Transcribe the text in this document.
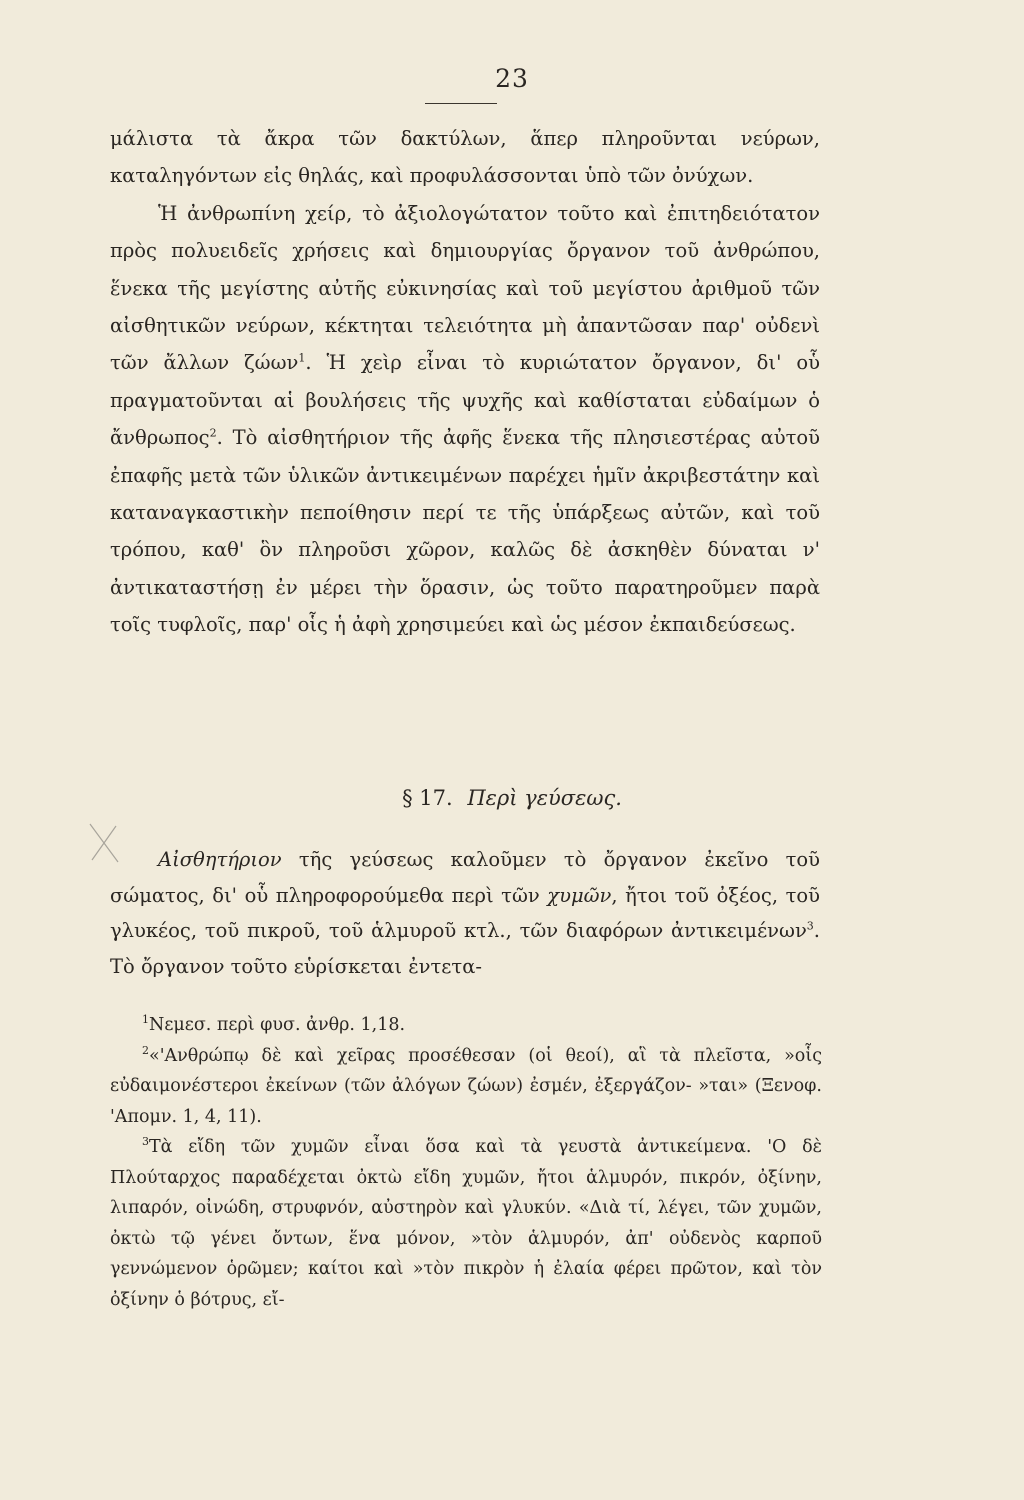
23

μάλιστα τὰ ἄκρα τῶν δακτύλων, ἅπερ πληροῦνται νεύρων, καταληγόντων εἰς θηλάς, καὶ προφυλάσσονται ὑπὸ τῶν ὀνύχων.

Ἡ ἀνθρωπίνη χείρ, τὸ ἀξιολογώτατον τοῦτο καὶ ἐπιτηδειότατον πρὸς πολυειδεῖς χρήσεις καὶ δημιουργίας ὄργανον τοῦ ἀνθρώπου, ἕνεκα τῆς μεγίστης αὐτῆς εὐκινησίας καὶ τοῦ μεγίστου ἀριθμοῦ τῶν αἰσθητικῶν νεύρων, κέκτηται τελειότητα μὴ ἀπαντῶσαν παρ' οὐδενὶ τῶν ἄλλων ζώων$^1$. Ἡ χεὶρ εἶναι τὸ κυριώτατον ὄργανον, δι' οὗ πραγματοῦνται αἱ βουλήσεις τῆς ψυχῆς καὶ καθίσταται εὐδαίμων ὁ ἄνθρωπος$^2$. Τὸ αἰσθητήριον τῆς ἀφῆς ἕνεκα τῆς πλησιεστέρας αὐτοῦ ἐπαφῆς μετὰ τῶν ὑλικῶν ἀντικειμένων παρέχει ἡμῖν ἀκριβεστάτην καὶ καταναγκαστικὴν πεποίθησιν περί τε τῆς ὑπάρξεως αὐτῶν, καὶ τοῦ τρόπου, καθ' ὃν πληροῦσι χῶρον, καλῶς δὲ ἀσκηθὲν δύναται ν' ἀντικαταστήσῃ ἐν μέρει τὴν ὅρασιν, ὡς τοῦτο παρατηροῦμεν παρὰ τοῖς τυφλοῖς, παρ' οἷς ἡ ἀφὴ χρησιμεύει καὶ ὡς μέσον ἐκπαιδεύσεως.

§ 17. Περὶ γεύσεως.

Αἰσθητήριον τῆς γεύσεως καλοῦμεν τὸ ὄργανον ἐκεῖνο τοῦ σώματος, δι' οὗ πληροφορούμεθα περὶ τῶν χυμῶν, ἤτοι τοῦ ὀξέος, τοῦ γλυκέος, τοῦ πικροῦ, τοῦ ἁλμυροῦ κτλ., τῶν διαφόρων ἀντικειμένων$^3$. Τὸ ὄργανον τοῦτο εὑρίσκεται ἐντετα-

$^1$Νεμεσ. περὶ φυσ. ἀνθρ. 1,18.

$^2$«'Ανθρώπῳ δὲ καὶ χεῖρας προσέθεσαν (οἱ θεοί), αἳ τὰ πλεῖστα, »οἷς εὐδαιμονέστεροι ἐκείνων (τῶν ἀλόγων ζώων) ἐσμέν, ἐξεργάζον- »ται» (Ξενοφ. 'Απομν. 1, 4, 11).

$^3$Τὰ εἴδη τῶν χυμῶν εἶναι ὅσα καὶ τὰ γευστὰ ἀντικείμενα. 'Ο δὲ Πλούταρχος παραδέχεται ὀκτὼ εἴδη χυμῶν, ἤτοι ἁλμυρόν, πικρόν, ὀξίνην, λιπαρόν, οἰνώδη, στρυφνόν, αὐστηρὸν καὶ γλυκύν. «Διὰ τί, λέγει, τῶν χυμῶν, ὀκτὼ τῷ γένει ὄντων, ἕνα μόνον, »τὸν ἁλμυρόν, ἀπ' οὐδενὸς καρποῦ γεννώμενον ὁρῶμεν; καίτοι καὶ »τὸν πικρὸν ἡ ἐλαία φέρει πρῶτον, καὶ τὸν ὀξίνην ὁ βότρυς, εἴ-
